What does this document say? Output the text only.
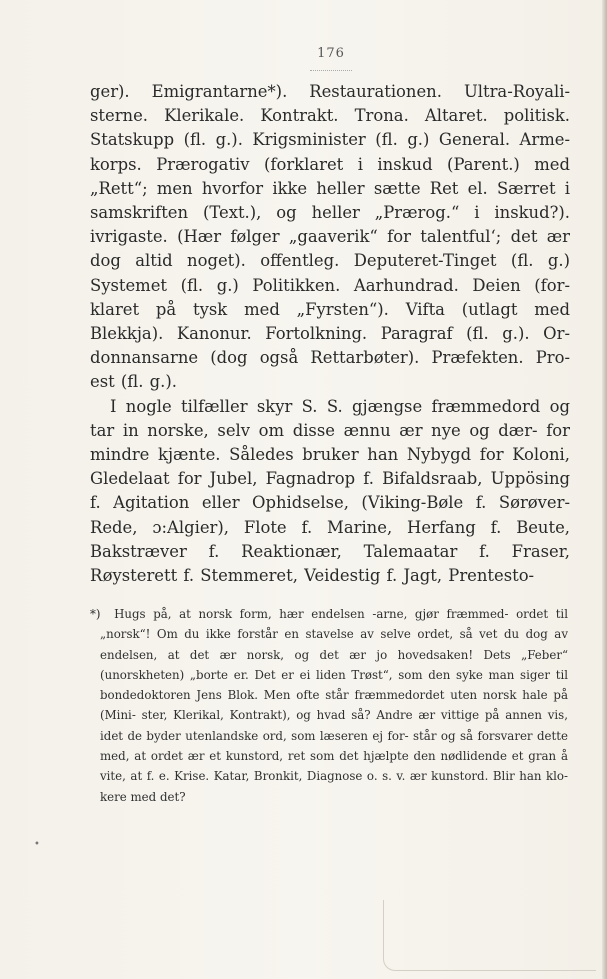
176

ger). Emigrantarne*). Restaurationen. Ultra-Royali- sterne. Klerikale. Kontrakt. Trona. Altaret. politisk. Statskupp (fl. g.). Krigsminister (fl. g.) General. Arme- korps. Prærogativ (forklaret i inskud (Parent.) med „Rett“; men hvorfor ikke heller sætte Ret el. Særret i samskriften (Text.), og heller „Prærog.“ i inskud?). ivrigaste. (Hær følger „gaaverik“ for talentful‘; det ær dog altid noget). offentleg. Deputeret-Tinget (fl. g.) Systemet (fl. g.) Politikken. Aarhundrad. Deien (for- klaret på tysk med „Fyrsten“). Vifta (utlagt med Blekkja). Kanonur. Fortolkning. Paragraf (fl. g.). Or- donnansarne (dog også Rettarbøter). Præfekten. Pro- est (fl. g.).

I nogle tilfæller skyr S. S. gjængse fræmmedord og tar in norske, selv om disse ænnu ær nye og dær- for mindre kjænte. Således bruker han Nybygd for Koloni, Gledelaat for Jubel, Fagnadrop f. Bifaldsraab, Uppösing f. Agitation eller Ophidselse, (Viking-Bøle f. Sørøver-Rede, ɔ:Algier), Flote f. Marine, Herfang f. Beute, Bakstræver f. Reaktionær, Talemaatar f. Fraser, Røysterett f. Stemmeret, Veidestig f. Jagt, Prentesto-

*) Hugs på, at norsk form, hær endelsen -arne, gjør fræmmed- ordet til „norsk“! Om du ikke forstår en stavelse av selve ordet, så vet du dog av endelsen, at det ær norsk, og det ær jo hovedsaken! Dets „Feber“ (unorskheten) „borte er. Det er ei liden Trøst“, som den syke man siger til bondedoktoren Jens Blok. Men ofte står fræmmedordet uten norsk hale på (Mini- ster, Klerikal, Kontrakt), og hvad så? Andre ær vittige på annen vis, idet de byder utenlandske ord, som læseren ej for- står og så forsvarer dette med, at ordet ær et kunstord, ret som det hjælpte den nødlidende et gran å vite, at f. e. Krise. Katar, Bronkit, Diagnose o. s. v. ær kunstord. Blir han klo- kere med det?
•
